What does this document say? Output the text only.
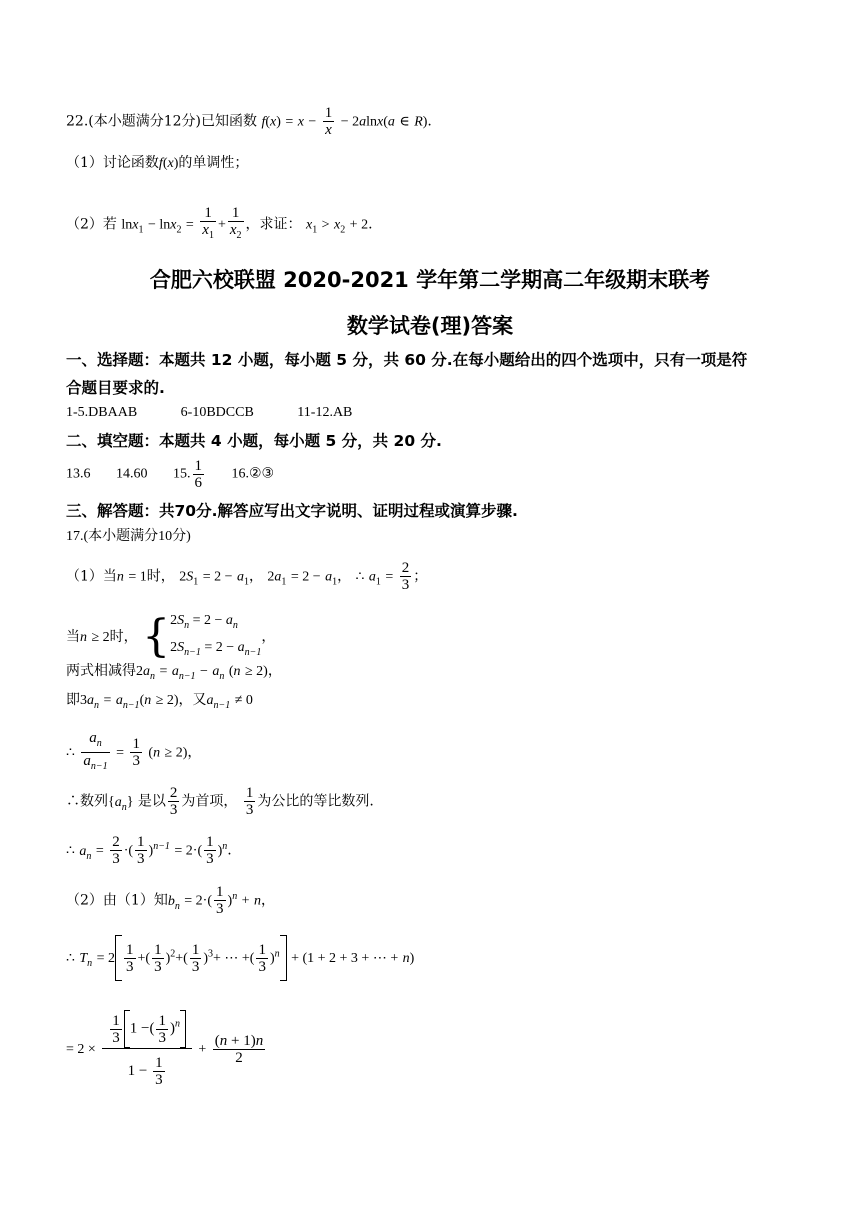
22.(本小题满分12分)已知函数 $f(x) = x - \frac{1}{x} - 2alnx(a$ ∈ R).
（1）讨论函数f(x)的单调性；
（2）若 $\ln x_1 - \ln x_2 = \frac{1}{x_1} + \frac{1}{x_2}$ ，求证： $x_1 > x_2 + 2$.
合肥六校联盟 2020-2021 学年第二学期高二年级期末联考
数学试卷(理)答案
一、选择题：本题共 12 小题，每小题 5 分，共 60 分.在每小题给出的四个选项中，只有一项是符
合题目要求的.
1-5.DBAAB	6-10BDCCB	11-12.AB
二、填空题：本题共 4 小题，每小题 5 分，共 20 分.
13.6 14.60 15. $\frac{1}{6}$ 16.②③
三、解答题：共70分.解答应写出文字说明、证明过程或演算步骤.
17.(本小题满分10分)
（1）当n = 1时， $2S_1 = 2 - a_1$， $2a_1 = 2 - a_1$， ∴ $a_1 = \frac{2}{3}$ ；
当n ≥ 2时， { $2S_n = 2 - a_n$
$2S_{n-1} = 2 - a_{n-1}$
，
两式相减得$2a_n = a_{n-1} - a_n$ (n ≥ 2)，
即$3a_n = a_{n-1}(n \ge 2)$，又$a_{n-1} \ne 0$
∴ $\frac{a_n}{a_{n-1}} = \frac{1}{3} (n \ge 2)$，
∴数列$\{a_n\}$ 是以 $\frac{2}{3}$ 为首项， $\frac{1}{3}$ 为公比的等比数列.
∴ $a_n = \frac{2}{3}$ ·( $\frac{1}{3} )^{n-1} = 2\cdot( \frac{1}{3} )^n$.
（2）由（1）知$b_n = 2\cdot( \frac{1}{3} )^n + n$，
∴ $T_n = 2 \frac{1}{3}$ +( $\frac{1}{3} )^2+( \frac{1}{3} )^3+$ ⋯ +( $\frac{1}{3} )^n + (1 + 2 + 3$ + ⋯ + n)
= $2 \times \frac{\frac{1}{3} 1 -( \frac{1}{3} )^n}{1 - \frac{1}{3}} + \frac{(n + 1)n}{2}$
